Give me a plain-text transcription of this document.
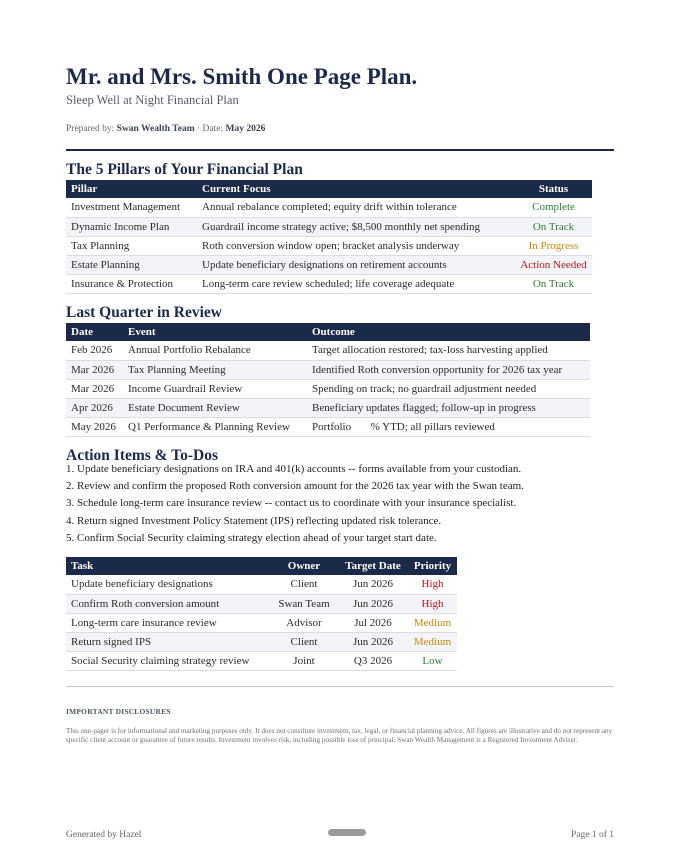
Mr. and Mrs. Smith One Page Plan.
Sleep Well at Night Financial Plan
Prepared by: Swan Wealth Team · Date: May 2026
The 5 Pillars of Your Financial Plan
Pillar	Current Focus	Status
Investment Management	Annual rebalance completed; equity drift within tolerance	Complete
Dynamic Income Plan	Guardrail income strategy active; $8,500 monthly net spending	On Track
Tax Planning	Roth conversion window open; bracket analysis underway	In Progress
Estate Planning	Update beneficiary designations on retirement accounts	Action Needed
Insurance & Protection	Long-term care review scheduled; life coverage adequate	On Track
Last Quarter in Review
Date	Event	Outcome
Feb 2026	Annual Portfolio Rebalance	Target allocation restored; tax-loss harvesting applied
Mar 2026	Tax Planning Meeting	Identified Roth conversion opportunity for 2026 tax year
Mar 2026	Income Guardrail Review	Spending on track; no guardrail adjustment needed
Apr 2026	Estate Document Review	Beneficiary updates flagged; follow-up in progress
May 2026	Q1 Performance & Planning Review	Portfolio % YTD; all pillars reviewed
Action Items & To-Dos
1. Update beneficiary designations on IRA and 401(k) accounts -- forms available from your custodian.
2. Review and confirm the proposed Roth conversion amount for the 2026 tax year with the Swan team.
3. Schedule long-term care insurance review -- contact us to coordinate with your insurance specialist.
4. Return signed Investment Policy Statement (IPS) reflecting updated risk tolerance.
5. Confirm Social Security claiming strategy election ahead of your target start date.
Task	Owner	Target Date	Priority
Update beneficiary designations	Client	Jun 2026	High
Confirm Roth conversion amount	Swan Team	Jun 2026	High
Long-term care insurance review	Advisor	Jul 2026	Medium
Return signed IPS	Client	Jun 2026	Medium
Social Security claiming strategy review	Joint	Q3 2026	Low
IMPORTANT DISCLOSURES
This one-pager is for informational and marketing purposes only. It does not constitute investment, tax, legal, or financial planning advice. All figures are illustrative and do not represent any specific client account or guarantee of future results. Investment involves risk, including possible loss of principal. Swan Wealth Management is a Registered Investment Adviser.
Generated by Hazel	Page 1 of 1
